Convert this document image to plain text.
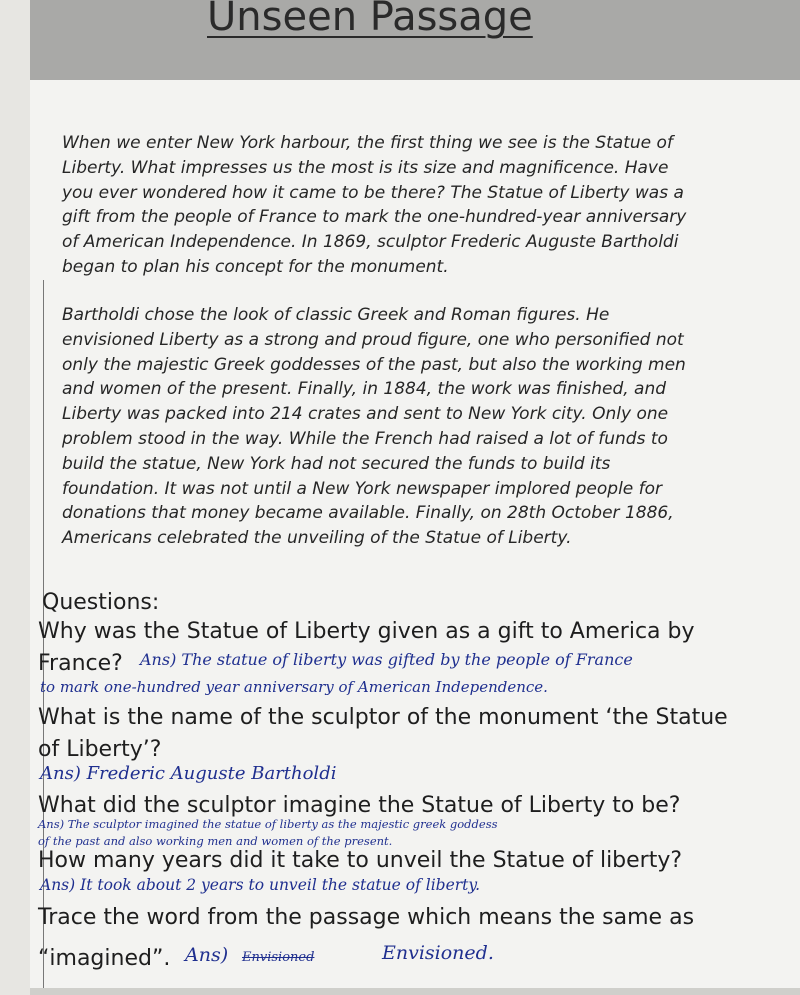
Unseen Passage
When we enter New York harbour, the first thing we see is the Statue of
Liberty. What impresses us the most is its size and magnificence. Have
you ever wondered how it came to be there? The Statue of Liberty was a
gift from the people of France to mark the one-hundred-year anniversary
of American Independence. In 1869, sculptor Frederic Auguste Bartholdi
began to plan his concept for the monument.
Bartholdi chose the look of classic Greek and Roman figures. He
envisioned Liberty as a strong and proud figure, one who personified not
only the majestic Greek goddesses of the past, but also the working men
and women of the present. Finally, in 1884, the work was finished, and
Liberty was packed into 214 crates and sent to New York city. Only one
problem stood in the way. While the French had raised a lot of funds to
build the statue, New York had not secured the funds to build its
foundation. It was not until a New York newspaper implored people for
donations that money became available. Finally, on 28th October 1886,
Americans celebrated the unveiling of the Statue of Liberty.
Questions:
Why was the Statue of Liberty given as a gift to America by
France? Ans) The statue of liberty was gifted by the people of France
to mark one-hundred year anniversary of American Independence.
What is the name of the sculptor of the monument ‘the Statue
of Liberty’?
Ans) Frederic Auguste Bartholdi
What did the sculptor imagine the Statue of Liberty to be?
Ans) The sculptor imagined the statue of liberty as the majestic greek goddess
of the past and also working men and women of the present.
How many years did it take to unveil the Statue of liberty?
Ans) It took about 2 years to unveil the statue of liberty.
Trace the word from the passage which means the same as
“imagined”. Ans) Envisioned	Envisioned.
